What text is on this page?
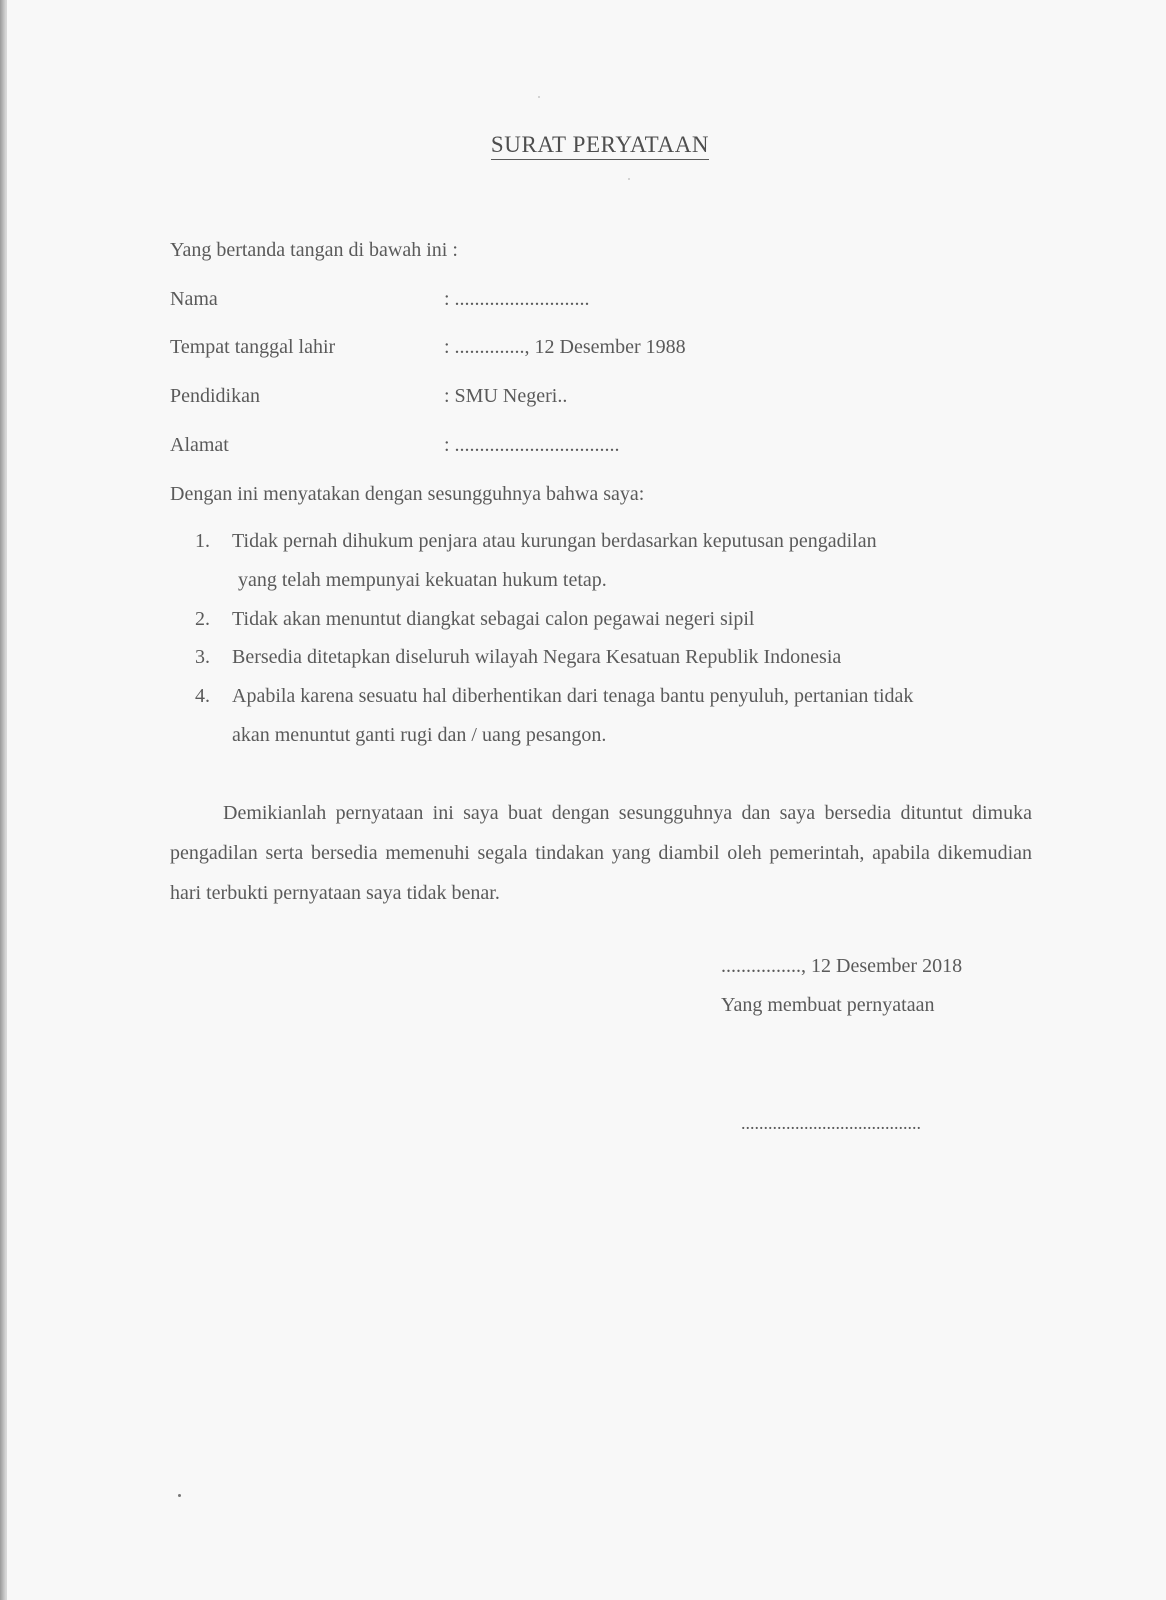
SURAT PERYATAAN
Yang bertanda tangan di bawah ini :
Nama	: ...........................
Tempat tanggal lahir	: .............., 12 Desember 1988
Pendidikan	: SMU Negeri..
Alamat	: .................................
Dengan ini menyatakan dengan sesungguhnya bahwa saya:
1. Tidak pernah dihukum penjara atau kurungan berdasarkan keputusan pengadilan
yang telah mempunyai kekuatan hukum tetap.
2. Tidak akan menuntut diangkat sebagai calon pegawai negeri sipil
3. Bersedia ditetapkan diseluruh wilayah Negara Kesatuan Republik Indonesia
4. Apabila karena sesuatu hal diberhentikan dari tenaga bantu penyuluh, pertanian tidak
akan menuntut ganti rugi dan / uang pesangon.
Demikianlah pernyataan ini saya buat dengan sesungguhnya dan saya bersedia dituntut dimuka pengadilan serta bersedia memenuhi segala tindakan yang diambil oleh pemerintah, apabila dikemudian hari terbukti pernyataan saya tidak benar.
................, 12 Desember 2018
Yang membuat pernyataan
........................................
